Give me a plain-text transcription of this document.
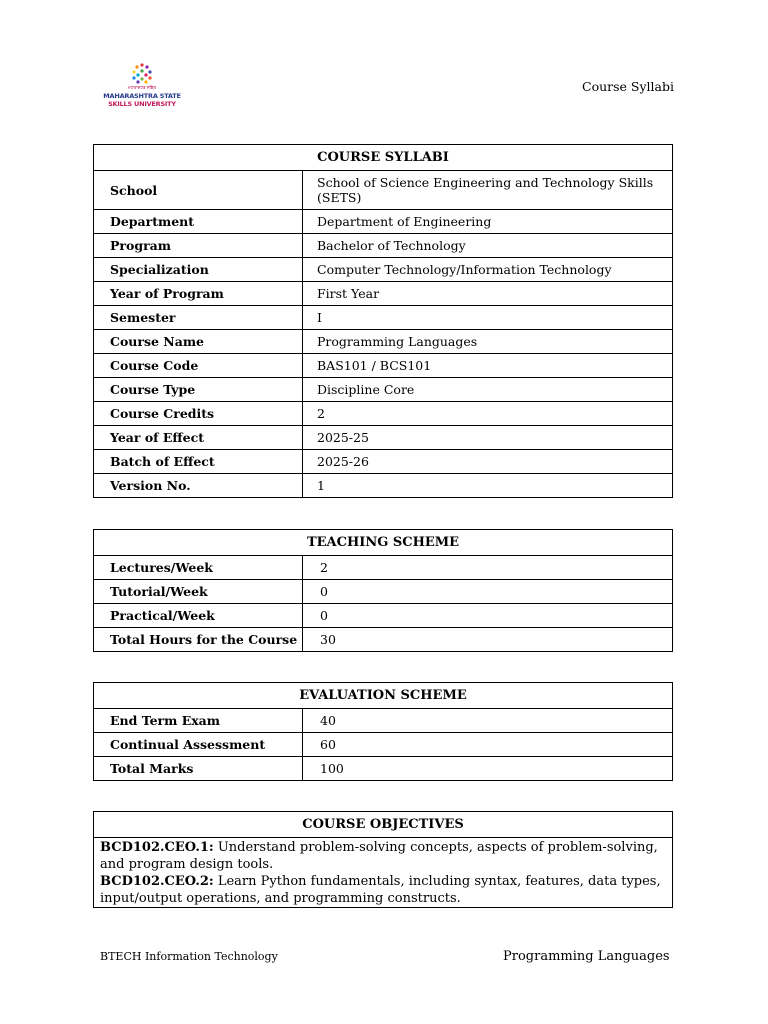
ਮਹਾਰਾਸ਼ਟਰ ਸਕਿੱਲ
MAHARASHTRA STATE
SKILLS UNIVERSITY
Course Syllabi
COURSE SYLLABI	
School	School of Science Engineering and Technology Skills (SETS)
Department	Department of Engineering
Program	Bachelor of Technology
Specialization	Computer Technology/Information Technology
Year of Program	First Year
Semester	I
Course Name	Programming Languages
Course Code	BAS101 / BCS101
Course Type	Discipline Core
Course Credits	2
Year of Effect	2025-25
Batch of Effect	2025-26
Version No.	1
TEACHING SCHEME	
Lectures/Week	2
Tutorial/Week	0
Practical/Week	0
Total Hours for the Course	30
EVALUATION SCHEME	
End Term Exam	40
Continual Assessment	60
Total Marks	100
COURSE OBJECTIVES

BCD102.CEO.1: Understand problem-solving concepts, aspects of problem-solving, and program design tools.
BCD102.CEO.2: Learn Python fundamentals, including syntax, features, data types, input/output operations, and programming constructs.
BTECH Information Technology	Programming Languages
